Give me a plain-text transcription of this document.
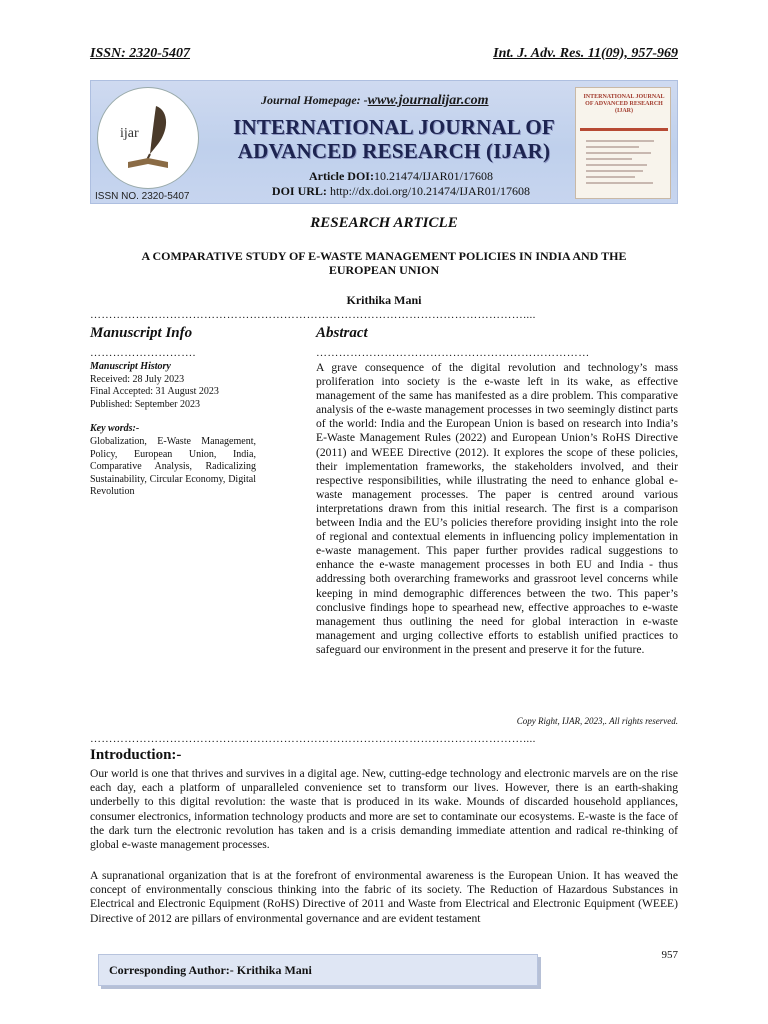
ISSN: 2320-5407	Int. J. Adv. Res. 11(09), 957-969
ijar
ISSN NO. 2320-5407
Journal Homepage: -www.journalijar.com
INTERNATIONAL JOURNAL OF ADVANCED RESEARCH (IJAR)
Article DOI:10.21474/IJAR01/17608
DOI URL: http://dx.doi.org/10.21474/IJAR01/17608
INTERNATIONAL JOURNAL OF ADVANCED RESEARCH (IJAR)
RESEARCH ARTICLE
A COMPARATIVE STUDY OF E-WASTE MANAGEMENT POLICIES IN INDIA AND THE EUROPEAN UNION
Krithika Mani
……………………………………………………………………………………………………....
Manuscript Info	Abstract
……………………….	………………………………………………………………
Manuscript History
Received: 28 July 2023
Final Accepted: 31 August 2023
Published: September 2023
Key words:-
Globalization, E-Waste Management, Policy, European Union, India, Comparative Analysis, Radicalizing Sustainability, Circular Economy, Digital Revolution
A grave consequence of the digital revolution and technology’s mass proliferation into society is the e-waste left in its wake, as effective management of the same has manifested as a dire problem. This comparative analysis of the e-waste management processes in two seemingly distinct parts of the world: India and the European Union is based on research into India’s E-Waste Management Rules (2022) and European Union’s RoHS Directive (2011) and WEEE Directive (2012). It explores the scope of these policies, their implementation frameworks, the stakeholders involved, and their respective responsibilities, while illustrating the need to enhance global e-waste management processes. The paper is centred around various interpretations drawn from this initial research. The first is a comparison between India and the EU’s policies therefore providing insight into the role of regional and contextual elements in influencing policy implementation in e-waste management. This paper further provides radical suggestions to enhance the e-waste management processes in both EU and India - thus addressing both overarching frameworks and grassroot level concerns while keeping in mind demographic differences between the two. This paper’s conclusive findings hope to spearhead new, effective approaches to e-waste management thus outlining the need for global interaction in e-waste management and urging collective efforts to establish unified practices to safeguard our environment in the present and preserve it for the future.
Copy Right, IJAR, 2023,. All rights reserved.
……………………………………………………………………………………………………....
Introduction:-
Our world is one that thrives and survives in a digital age. New, cutting-edge technology and electronic marvels are on the rise each day, each a platform of unparalleled convenience set to transform our lives. However, there is an earth-shaking underbelly to this digital revolution: the waste that is produced in its wake. Mounds of discarded household appliances, consumer electronics, information technology products and more are set to contaminate our ecosystems. E-waste is the face of the dark turn the electronic revolution has taken and is a crisis demanding immediate attention and radical re-thinking of global e-waste management processes.
A supranational organization that is at the forefront of environmental awareness is the European Union. It has weaved the concept of environmentally conscious thinking into the fabric of its society. The Reduction of Hazardous Substances in Electrical and Electronic Equipment (RoHS) Directive of 2011 and Waste from Electrical and Electronic Equipment (WEEE) Directive of 2012 are pillars of environmental governance and are evident testament
957
Corresponding Author:- Krithika Mani
